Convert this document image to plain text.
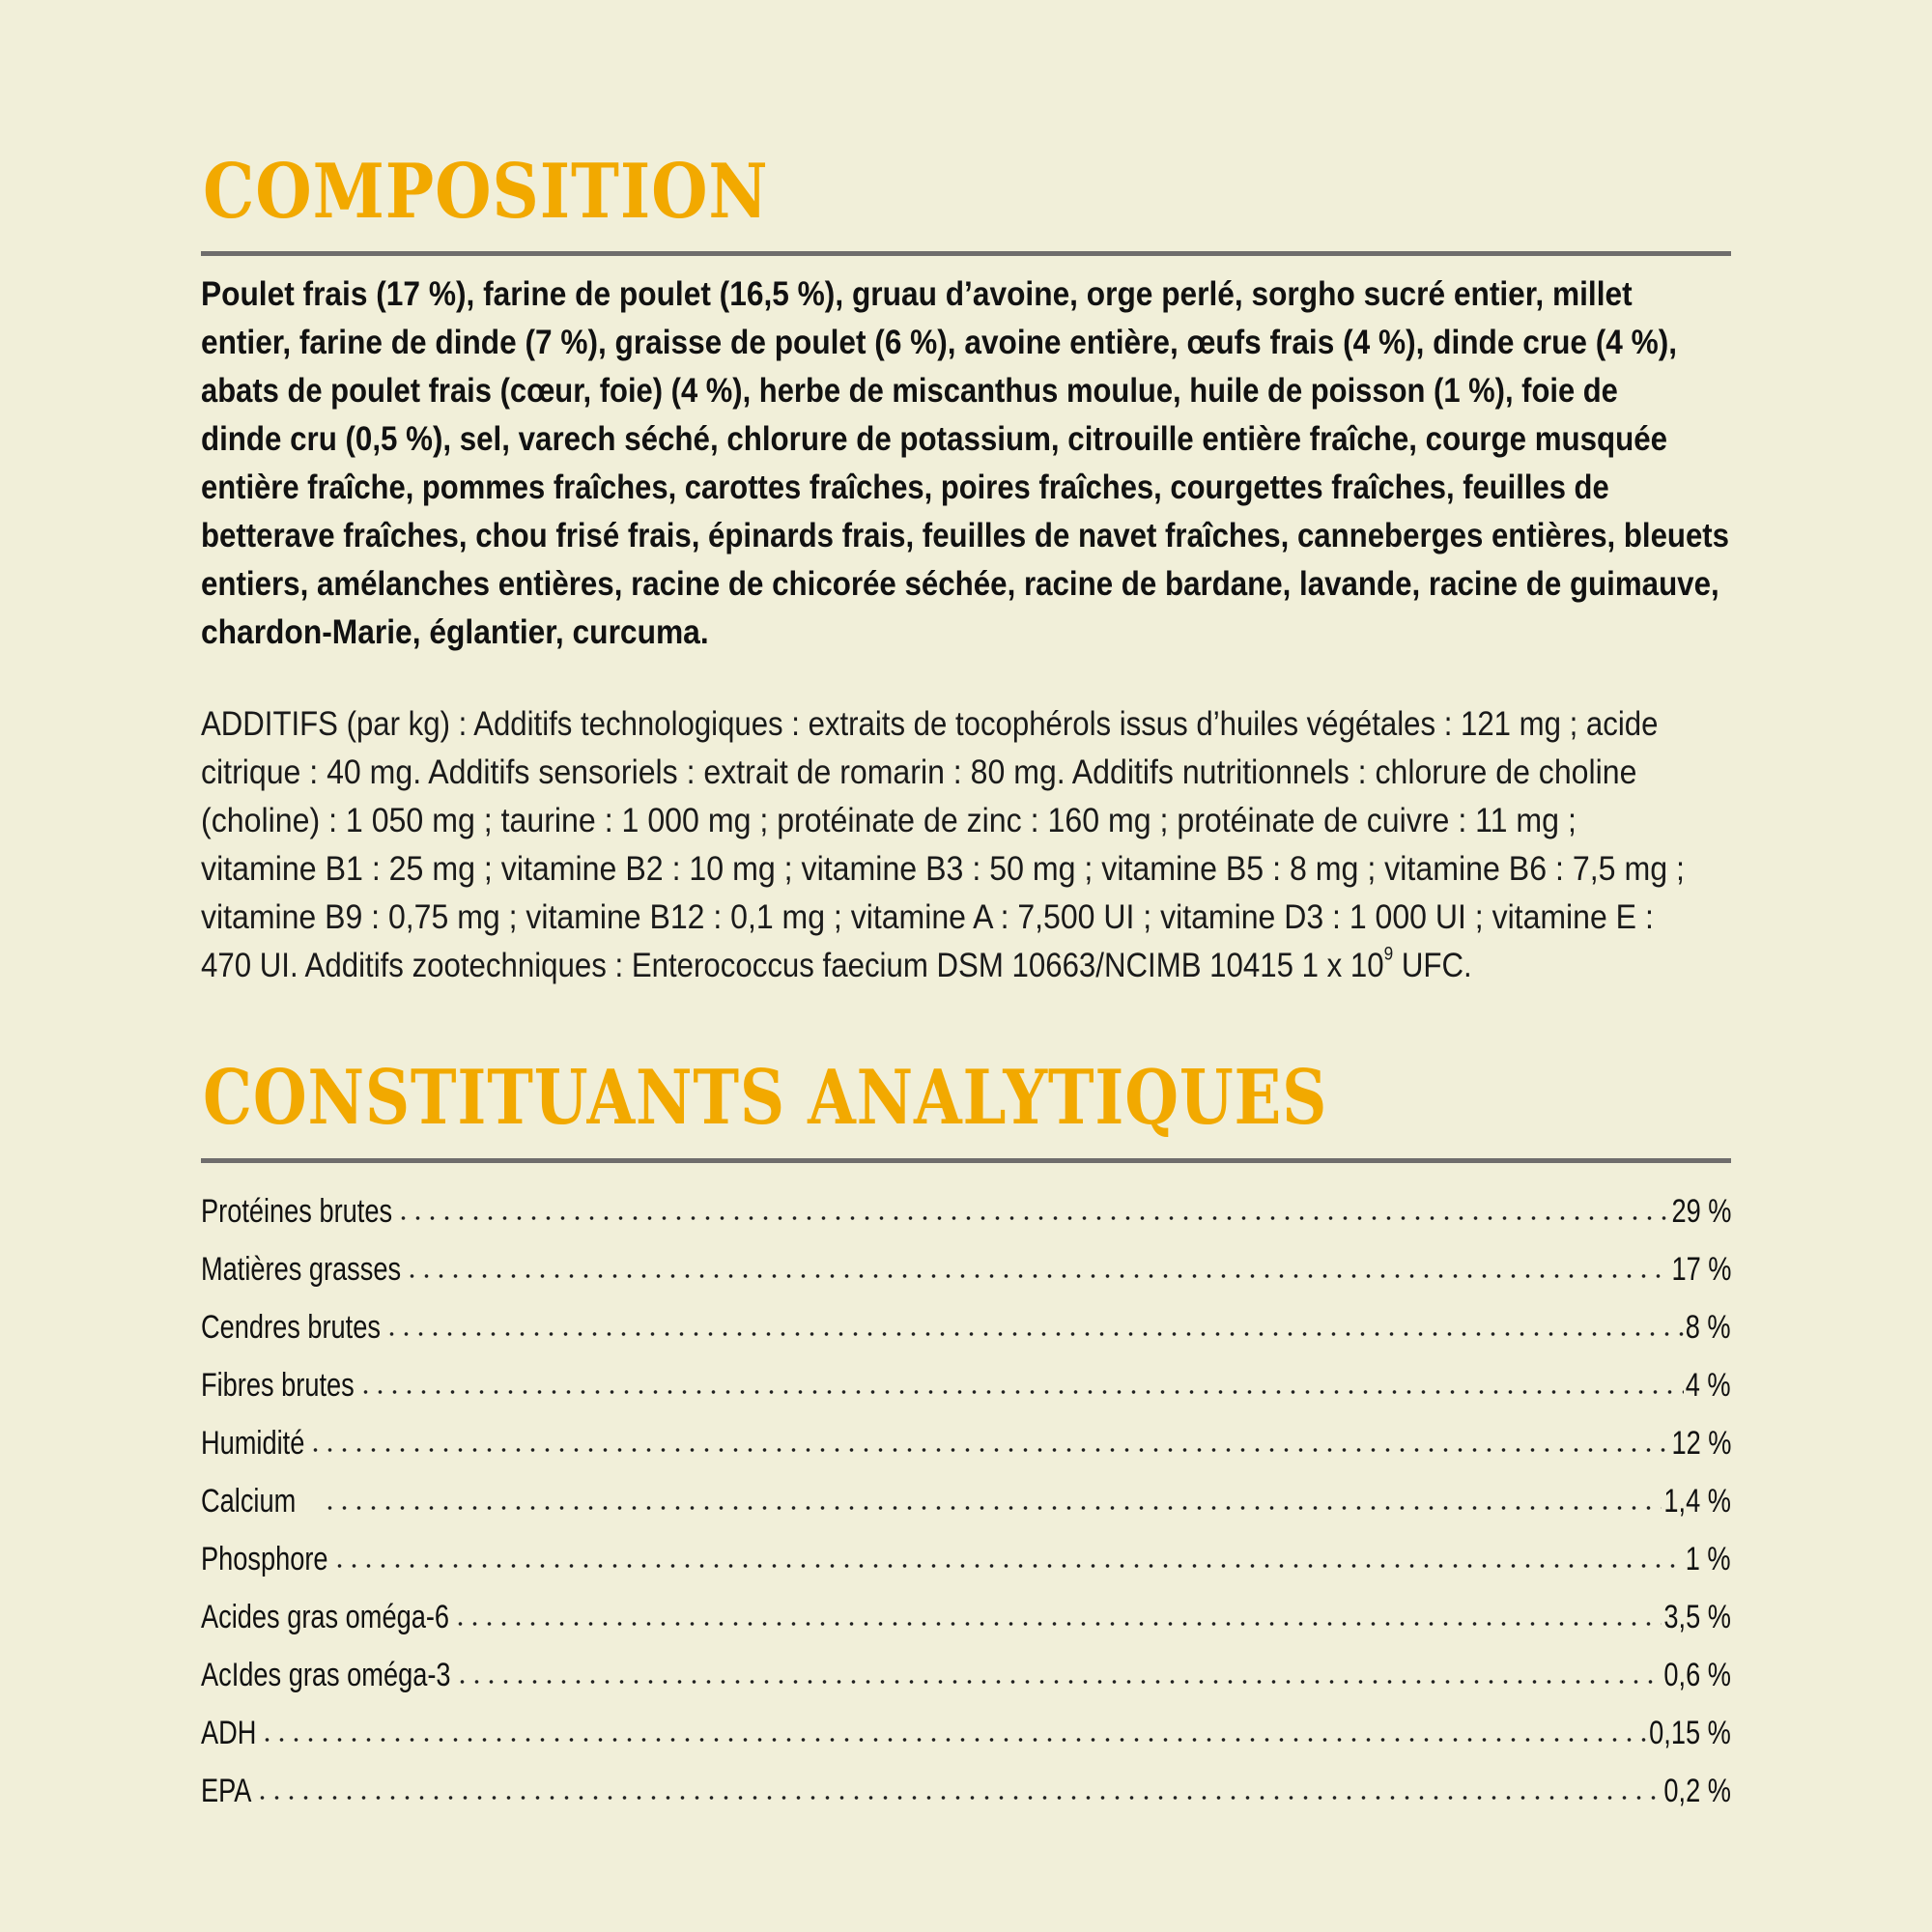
COMPOSITION
Poulet frais (17 %), farine de poulet (16,5 %), gruau d’avoine, orge perlé, sorgho sucré entier, millet
entier, farine de dinde (7 %), graisse de poulet (6 %), avoine entière, œufs frais (4 %), dinde crue (4 %),
abats de poulet frais (cœur, foie) (4 %), herbe de miscanthus moulue, huile de poisson (1 %), foie de
dinde cru (0,5 %), sel, varech séché, chlorure de potassium, citrouille entière fraîche, courge musquée
entière fraîche, pommes fraîches, carottes fraîches, poires fraîches, courgettes fraîches, feuilles de
betterave fraîches, chou frisé frais, épinards frais, feuilles de navet fraîches, canneberges entières, bleuets
entiers, amélanches entières, racine de chicorée séchée, racine de bardane, lavande, racine de guimauve,
chardon-Marie, églantier, curcuma.
ADDITIFS (par kg) : Additifs technologiques : extraits de tocophérols issus d’huiles végétales : 121 mg ; acide
citrique : 40 mg. Additifs sensoriels : extrait de romarin : 80 mg. Additifs nutritionnels : chlorure de choline
(choline) : 1 050 mg ; taurine : 1 000 mg ; protéinate de zinc : 160 mg ; protéinate de cuivre : 11 mg ;
vitamine B1 : 25 mg ; vitamine B2 : 10 mg ; vitamine B3 : 50 mg ; vitamine B5 : 8 mg ; vitamine B6 : 7,5 mg ;
vitamine B9 : 0,75 mg ; vitamine B12 : 0,1 mg ; vitamine A : 7,500 UI ; vitamine D3 : 1 000 UI ; vitamine E :
470 UI. Additifs zootechniques : Enterococcus faecium DSM 10663/NCIMB 10415 1 x $10^9$ UFC.
CONSTITUANTS ANALYTIQUES
Protéines brutes	29 %
Matières grasses	17 %
Cendres brutes	8 %
Fibres brutes	4 %
Humidité	12 %
Calcium	1,4 %
Phosphore	1 %
Acides gras oméga-6	3,5 %
AcIdes gras oméga-3	0,6 %
ADH	0,15 %
EPA	0,2 %
